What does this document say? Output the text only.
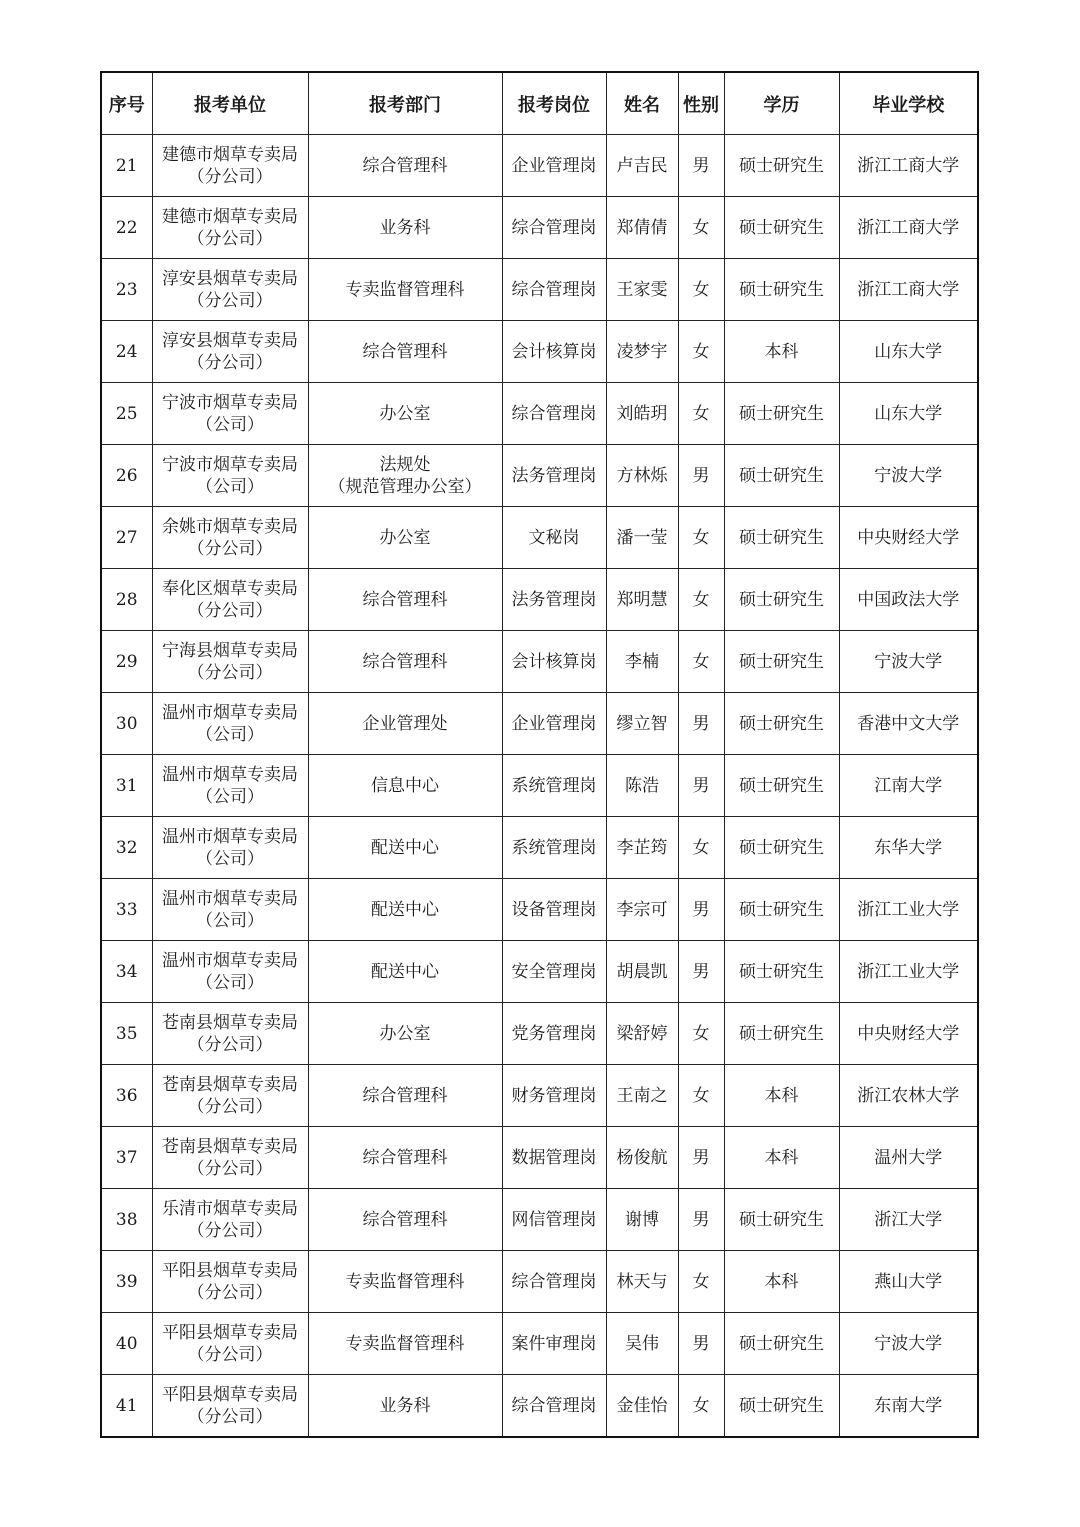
序号	报考单位	报考部门	报考岗位	姓名	性别	学历	毕业学校
21	建德市烟草专卖局
（分公司）	综合管理科	企业管理岗	卢吉民	男	硕士研究生	浙江工商大学
22	建德市烟草专卖局
（分公司）	业务科	综合管理岗	郑倩倩	女	硕士研究生	浙江工商大学
23	淳安县烟草专卖局
（分公司）	专卖监督管理科	综合管理岗	王家雯	女	硕士研究生	浙江工商大学
24	淳安县烟草专卖局
（分公司）	综合管理科	会计核算岗	凌梦宇	女	本科	山东大学
25	宁波市烟草专卖局
（公司）	办公室	综合管理岗	刘皓玥	女	硕士研究生	山东大学
26	宁波市烟草专卖局
（公司）	法规处
（规范管理办公室）	法务管理岗	方林烁	男	硕士研究生	宁波大学
27	余姚市烟草专卖局
（分公司）	办公室	文秘岗	潘一莹	女	硕士研究生	中央财经大学
28	奉化区烟草专卖局
（分公司）	综合管理科	法务管理岗	郑明慧	女	硕士研究生	中国政法大学
29	宁海县烟草专卖局
（分公司）	综合管理科	会计核算岗	李楠	女	硕士研究生	宁波大学
30	温州市烟草专卖局
（公司）	企业管理处	企业管理岗	缪立智	男	硕士研究生	香港中文大学
31	温州市烟草专卖局
（公司）	信息中心	系统管理岗	陈浩	男	硕士研究生	江南大学
32	温州市烟草专卖局
（公司）	配送中心	系统管理岗	李芷筠	女	硕士研究生	东华大学
33	温州市烟草专卖局
（公司）	配送中心	设备管理岗	李宗可	男	硕士研究生	浙江工业大学
34	温州市烟草专卖局
（公司）	配送中心	安全管理岗	胡晨凯	男	硕士研究生	浙江工业大学
35	苍南县烟草专卖局
（分公司）	办公室	党务管理岗	梁舒婷	女	硕士研究生	中央财经大学
36	苍南县烟草专卖局
（分公司）	综合管理科	财务管理岗	王南之	女	本科	浙江农林大学
37	苍南县烟草专卖局
（分公司）	综合管理科	数据管理岗	杨俊航	男	本科	温州大学
38	乐清市烟草专卖局
（分公司）	综合管理科	网信管理岗	谢博	男	硕士研究生	浙江大学
39	平阳县烟草专卖局
（分公司）	专卖监督管理科	综合管理岗	林天与	女	本科	燕山大学
40	平阳县烟草专卖局
（分公司）	专卖监督管理科	案件审理岗	吴伟	男	硕士研究生	宁波大学
41	平阳县烟草专卖局
（分公司）	业务科	综合管理岗	金佳怡	女	硕士研究生	东南大学
